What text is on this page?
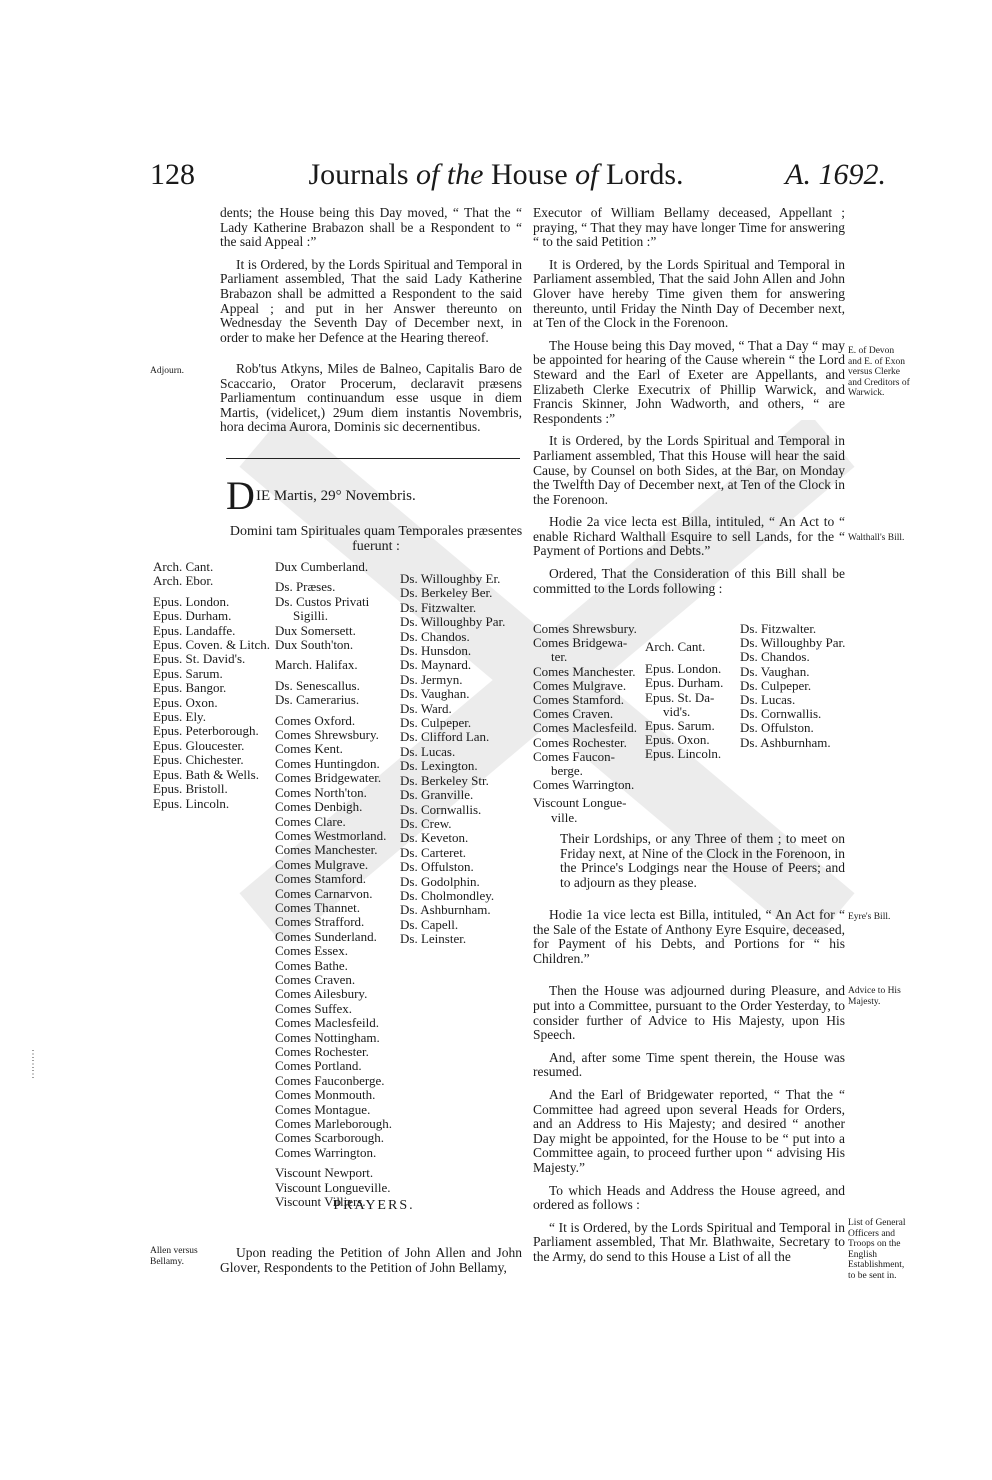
128	Journals of the House of Lords.	A. 1692.

dents; the House being this Day moved, “ That the “ Lady Katherine Brabazon shall be a Respondent to “ the said Appeal :”

It is Ordered, by the Lords Spiritual and Temporal in Parliament assembled, That the said Lady Katherine Brabazon shall be admitted a Respondent to the said Appeal ; and put in her Answer thereunto on Wednesday the Seventh Day of December next, in order to make her Defence at the Hearing thereof.

Adjourn.	Rob'tus Atkyns, Miles de Balneo, Capitalis Baro de Scaccario, Orator Procerum, declaravit præsens Parliamentum continuandum esse usque in diem Martis, (videlicet,) 29um diem instantis Novembris, hora decima Aurora, Dominis sic decernentibus.

D IE Martis, 29° Novembris.
Domini tam Spirituales quam Temporales præsentes fuerunt :
Arch. Cant.
Arch. Ebor.
Epus. London.
Epus. Durham.
Epus. Landaffe.
Epus. Coven. & Litch.
Epus. St. David's.
Epus. Sarum.
Epus. Bangor.
Epus. Oxon.
Epus. Ely.
Epus. Peterborough.
Epus. Gloucester.
Epus. Chichester.
Epus. Bath & Wells.
Epus. Bristoll.
Epus. Lincoln.
Dux Cumberland.
Ds. Præses.
Ds. Custos Privati
Sigilli.
Dux Somersett.
Dux South'ton.
March. Halifax.
Ds. Senescallus.
Ds. Camerarius.
Comes Oxford.
Comes Shrewsbury.
Comes Kent.
Comes Huntingdon.
Comes Bridgewater.
Comes North'ton.
Comes Denbigh.
Comes Clare.
Comes Westmorland.
Comes Manchester.
Comes Mulgrave.
Comes Stamford.
Comes Carnarvon.
Comes Thannet.
Comes Strafford.
Comes Sunderland.
Comes Essex.
Comes Bathe.
Comes Craven.
Comes Ailesbury.
Comes Suffex.
Comes Maclesfeild.
Comes Nottingham.
Comes Rochester.
Comes Portland.
Comes Fauconberge.
Comes Monmouth.
Comes Montague.
Comes Marleborough.
Comes Scarborough.
Comes Warrington.
Viscount Newport.
Viscount Longueville.
Viscount Villiers.
Ds. Willoughby Er.
Ds. Berkeley Ber.
Ds. Fitzwalter.
Ds. Willoughby Par.
Ds. Chandos.
Ds. Hunsdon.
Ds. Maynard.
Ds. Jermyn.
Ds. Vaughan.
Ds. Ward.
Ds. Culpeper.
Ds. Clifford Lan.
Ds. Lucas.
Ds. Lexington.
Ds. Berkeley Str.
Ds. Granville.
Ds. Cornwallis.
Ds. Crew.
Ds. Keveton.
Ds. Carteret.
Ds. Offulston.
Ds. Godolphin.
Ds. Cholmondley.
Ds. Ashburnham.
Ds. Capell.
Ds. Leinster.
PRAYERS.
Allen versus Bellamy.

Upon reading the Petition of John Allen and John Glover, Respondents to the Petition of John Bellamy,

Executor of William Bellamy deceased, Appellant ; praying, “ That they may have longer Time for answering “ to the said Petition :”

It is Ordered, by the Lords Spiritual and Temporal in Parliament assembled, That the said John Allen and John Glover have hereby Time given them for answering thereunto, until Friday the Ninth Day of December next, at Ten of the Clock in the Forenoon.

The House being this Day moved, “ That a Day “ may be appointed for hearing of the Cause wherein “ the Lord Steward and the Earl of Exeter are Appellants, and Elizabeth Clerke Executrix of Phillip Warwick, and Francis Skinner, John Wadworth, and others, “ are Respondents :”

It is Ordered, by the Lords Spiritual and Temporal in Parliament assembled, That this House will hear the said Cause, by Counsel on both Sides, at the Bar, on Monday the Twelfth Day of December next, at Ten of the Clock in the Forenoon.

Hodie 2a vice lecta est Billa, intituled, “ An Act to “ enable Richard Walthall Esquire to sell Lands, for the “ Payment of Portions and Debts.”

Ordered, That the Consideration of this Bill shall be committed to the Lords following :

E. of Devon and E. of Exon versus Clerke and Creditors of Warwick.
Walthall's Bill.
Comes Shrewsbury.
Comes Bridgewa-
ter.
Comes Manchester.
Comes Mulgrave.
Comes Stamford.
Comes Craven.
Comes Maclesfeild.
Comes Rochester.
Comes Faucon-
berge.
Comes Warrington.
Viscount Longue-
ville.
Arch. Cant.
Epus. London.
Epus. Durham.
Epus. St. Da-
vid's.
Epus. Sarum.
Epus. Oxon.
Epus. Lincoln.
Ds. Fitzwalter.
Ds. Willoughby Par.
Ds. Chandos.
Ds. Vaughan.
Ds. Culpeper.
Ds. Lucas.
Ds. Cornwallis.
Ds. Offulston.
Ds. Ashburnham.

Their Lordships, or any Three of them ; to meet on Friday next, at Nine of the Clock in the Forenoon, in the Prince's Lodgings near the House of Peers; and to adjourn as they please.

Hodie 1a vice lecta est Billa, intituled, “ An Act for “ the Sale of the Estate of Anthony Eyre Esquire, deceased, for Payment of his Debts, and Portions for “ his Children.”

Then the House was adjourned during Pleasure, and put into a Committee, pursuant to the Order Yesterday, to consider further of Advice to His Majesty, upon His Speech.

And, after some Time spent therein, the House was resumed.

And the Earl of Bridgewater reported, “ That the “ Committee had agreed upon several Heads for Orders, and an Address to His Majesty; and desired “ another Day might be appointed, for the House to be “ put into a Committee again, to proceed further upon “ advising His Majesty.”

To which Heads and Address the House agreed, and ordered as follows :

“ It is Ordered, by the Lords Spiritual and Temporal in Parliament assembled, That Mr. Blathwaite, Secretary to the Army, do send to this House a List of all the

Eyre's Bill.
Advice to His Majesty.
List of General Officers and Troops on the English Establishment, to be sent in.
⋮
⋮
⋮
